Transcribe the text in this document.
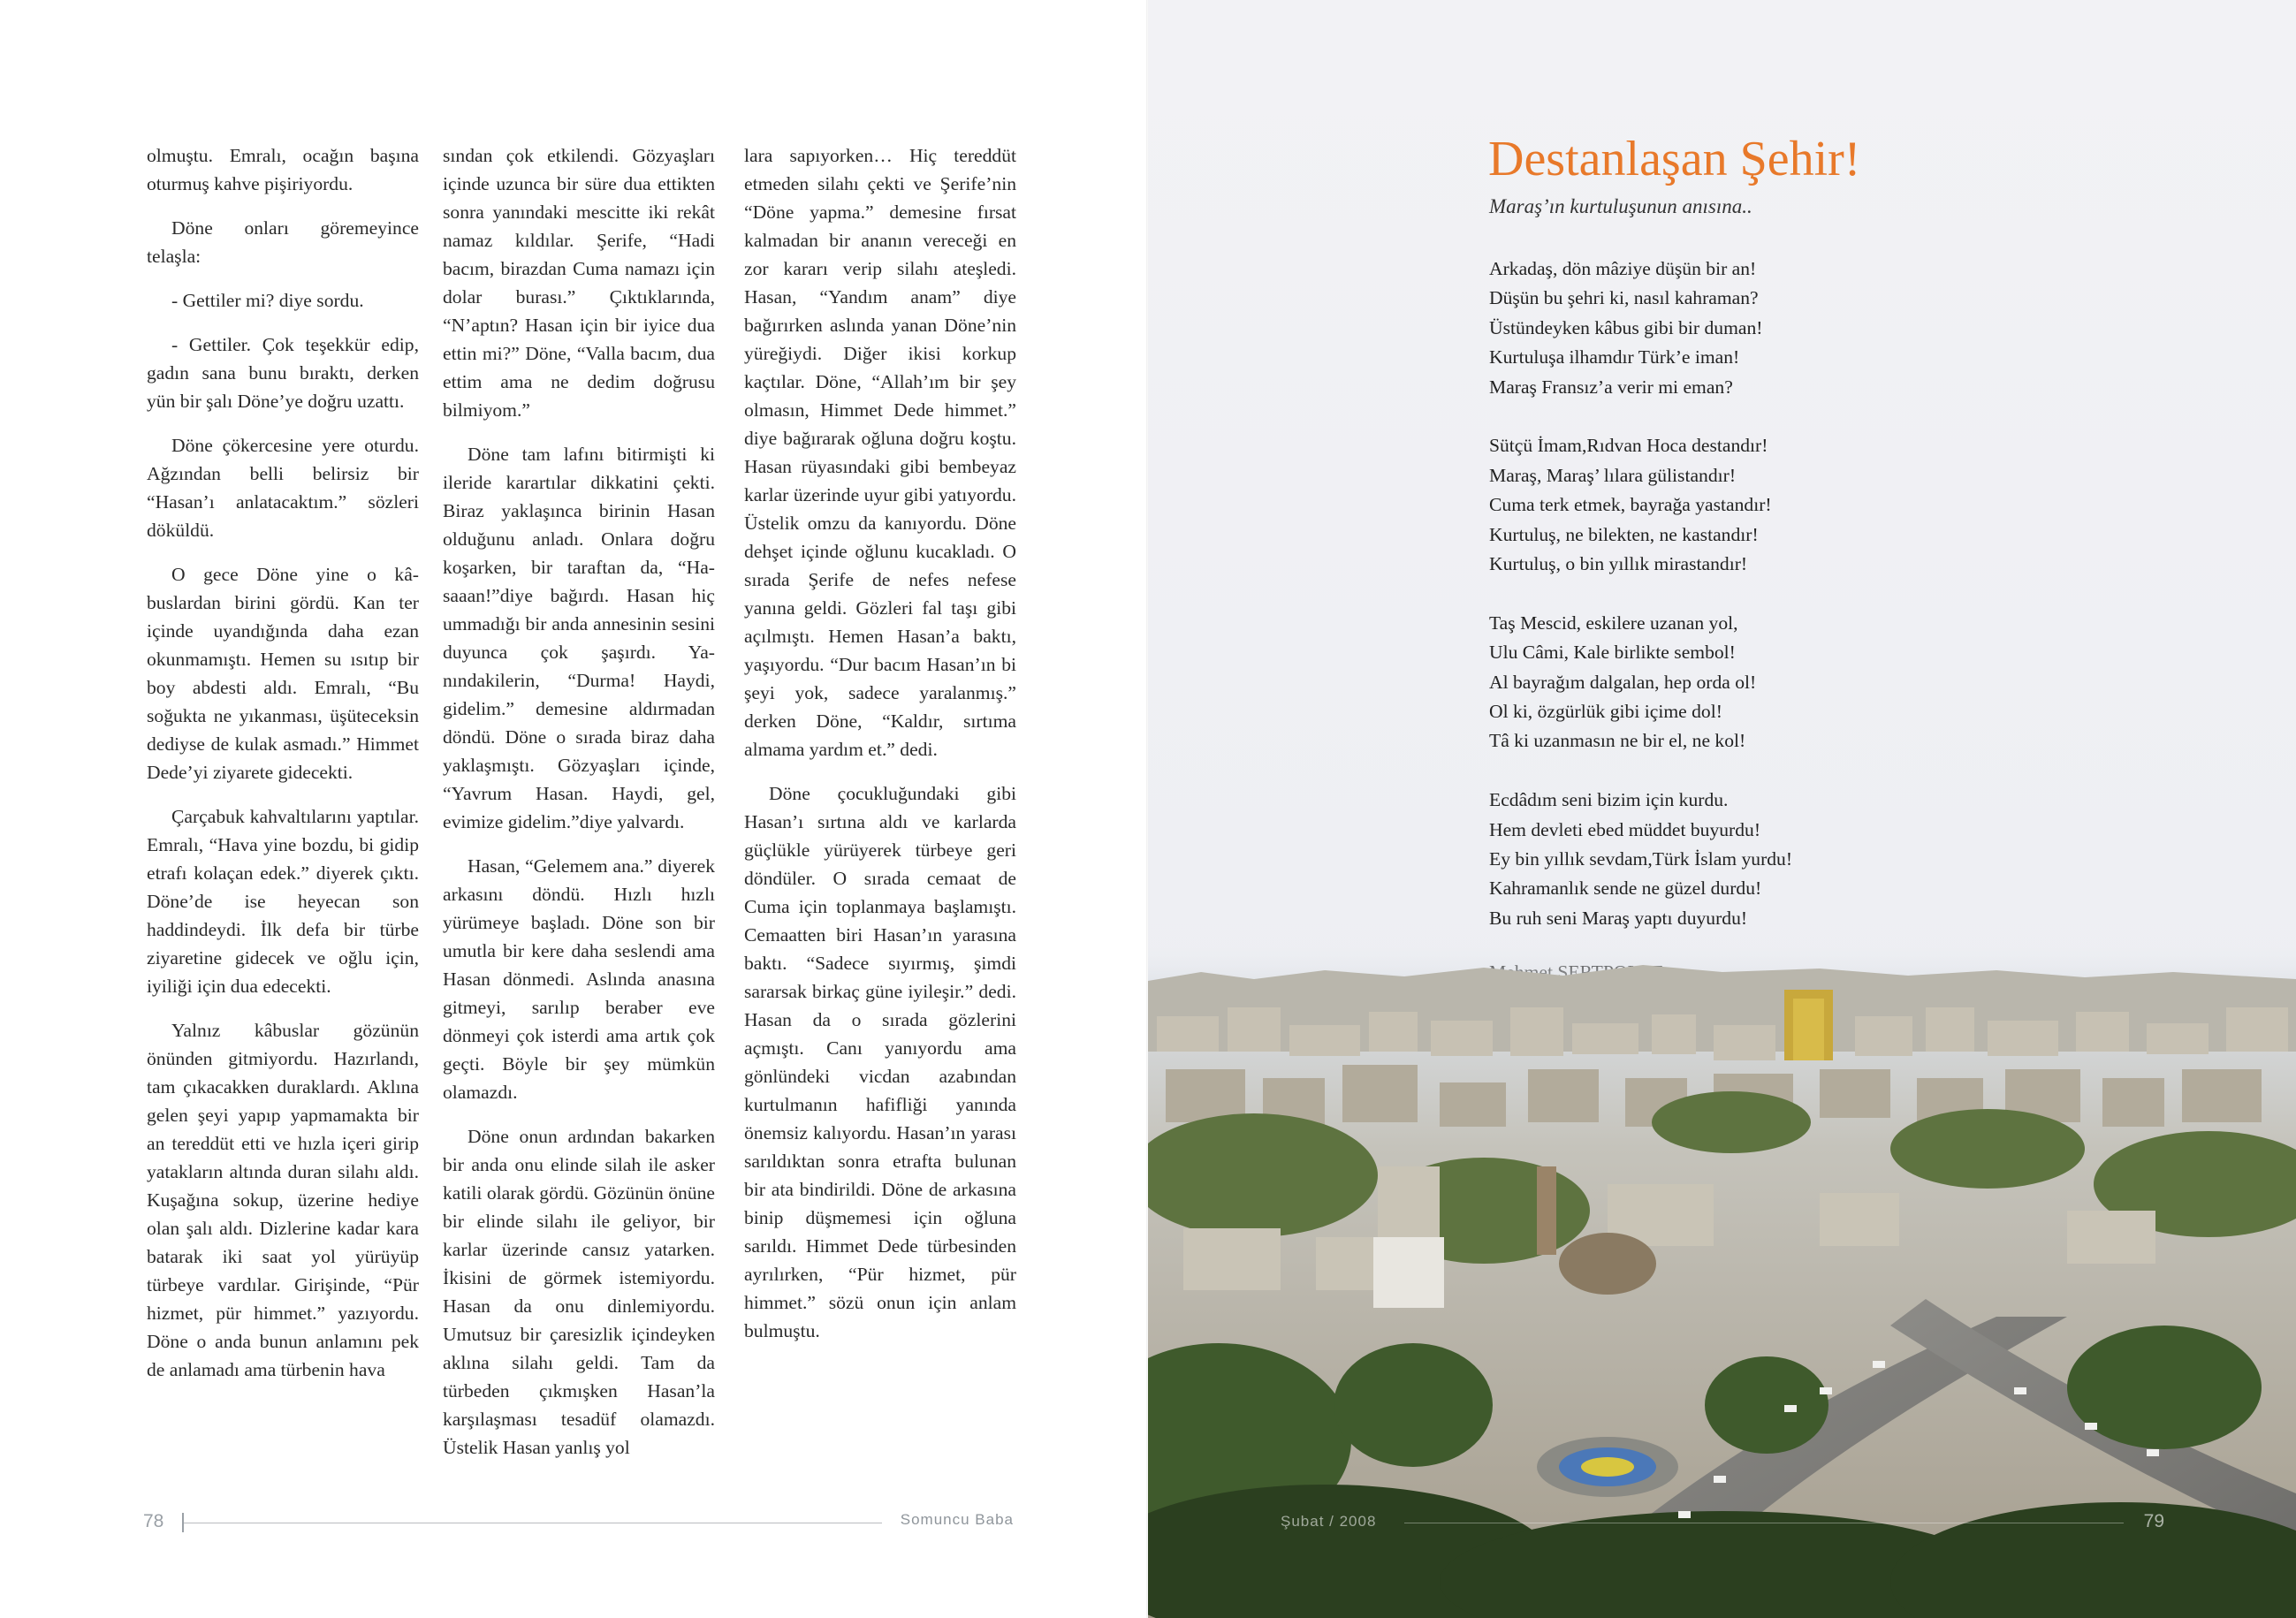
olmuştu. Emralı, ocağın başına oturmuş kahve pişiriyordu.

Döne onları göremeyince telaşla:

- Gettiler mi? diye sordu.

- Gettiler. Çok teşekkür edip, gadın sana bunu bıraktı, derken yün bir şalı Döne’ye doğru uzattı.

Döne çökercesine yere oturdu. Ağzından belli belirsiz bir “Hasan’ı anlatacaktım.” sözleri döküldü.

O gece Döne yine o kâbuslardan birini gördü. Kan ter içinde uyandığında daha ezan okunmamıştı. Hemen su ısıtıp bir boy abdesti aldı. Emralı, “Bu soğukta ne yıkanması, üşüteceksin dediyse de kulak asmadı.” Himmet Dede’yi ziyarete gidecekti.

Çarçabuk kahvaltılarını yaptılar. Emralı, “Hava yine bozdu, bi gidip etrafı kolaçan edek.” diyerek çıktı. Döne’de ise heyecan son haddindeydi. İlk defa bir türbe ziyaretine gidecek ve oğlu için, iyiliği için dua edecekti.

Yalnız kâbuslar gözünün önünden gitmiyordu. Hazırlandı, tam çıkacakken duraklardı. Aklına gelen şeyi yapıp yapmamakta bir an tereddüt etti ve hızla içeri girip yatakların altında duran silahı aldı. Kuşağına sokup, üzerine hediye olan şalı aldı. Dizlerine kadar kara batarak iki saat yol yürüyüp türbeye vardılar. Girişinde, “Pür hizmet, pür himmet.” yazıyordu. Döne o anda bunun anlamını pek de anlamadı ama türbenin hava

sından çok etkilendi. Gözyaşları içinde uzunca bir süre dua ettikten sonra yanındaki mescitte iki rekât namaz kıldılar. Şerife, “Hadi bacım, birazdan Cuma namazı için dolar burası.” Çıktıklarında, “N’aptın? Hasan için bir iyice dua ettin mi?” Döne, “Valla bacım, dua ettim ama ne dedim doğrusu bilmiyom.”

Döne tam lafını bitirmişti ki ileride karartılar dikkatini çekti. Biraz yaklaşınca birinin Hasan olduğunu anladı. Onlara doğru koşarken, bir taraftan da, “Hasaaan!”diye bağırdı. Hasan hiç ummadığı bir anda annesinin sesini duyunca çok şaşırdı. Yanındakilerin, “Durma! Haydi, gidelim.” demesine aldırmadan döndü. Döne o sırada biraz daha yaklaşmıştı. Gözyaşları içinde, “Yavrum Hasan. Haydi, gel, evimize gidelim.”diye yalvardı.

Hasan, “Gelemem ana.” diyerek arkasını döndü. Hızlı hızlı yürümeye başladı. Döne son bir umutla bir kere daha seslendi ama Hasan dönmedi. Aslında anasına gitmeyi, sarılıp beraber eve dönmeyi çok isterdi ama artık çok geçti. Böyle bir şey mümkün olamazdı.

Döne onun ardından bakarken bir anda onu elinde silah ile asker katili olarak gördü. Gözünün önüne bir elinde silahı ile geliyor, bir karlar üzerinde cansız yatarken. İkisini de görmek istemiyordu. Hasan da onu dinlemiyordu. Umutsuz bir çaresizlik içindeyken aklına silahı geldi. Tam da türbeden çıkmışken Hasan’la karşılaşması tesadüf olamazdı. Üstelik Hasan yanlış yol

lara sapıyorken… Hiç tereddüt etmeden silahı çekti ve Şerife’nin “Döne yapma.” demesine fırsat kalmadan bir ananın vereceği en zor kararı verip silahı ateşledi. Hasan, “Yandım anam” diye bağırırken aslında yanan Döne’nin yüreğiydi. Diğer ikisi korkup kaçtılar. Döne, “Allah’ım bir şey olmasın, Himmet Dede himmet.” diye bağırarak oğluna doğru koştu. Hasan rüyasındaki gibi bembeyaz karlar üzerinde uyur gibi yatıyordu. Üstelik omzu da kanıyordu. Döne dehşet içinde oğlunu kucakladı. O sırada Şerife de nefes nefese yanına geldi. Gözleri fal taşı gibi açılmıştı. Hemen Hasan’a baktı, yaşıyordu. “Dur bacım Hasan’ın bi şeyi yok, sadece yaralanmış.” derken Döne, “Kaldır, sırtıma almama yardım et.” dedi.

Döne çocukluğundaki gibi Hasan’ı sırtına aldı ve karlarda güçlükle yürüyerek türbeye geri döndüler. O sırada cemaat de Cuma için toplanmaya başlamıştı. Cemaatten biri Hasan’ın yarasına baktı. “Sadece sıyırmış, şimdi sararsak birkaç güne iyileşir.” dedi. Hasan da o sırada gözlerini açmıştı. Canı yanıyordu ama gönlündeki vicdan azabından kurtulmanın hafifliği yanında önemsiz kalıyordu. Hasan’ın yarası sarıldıktan sonra etrafta bulunan bir ata bindirildi. Döne de arkasına binip düşmemesi için oğluna sarıldı. Himmet Dede türbesinden ayrılırken, “Pür hizmet, pür himmet.” sözü onun için anlam bulmuştu.

78	Somuncu Baba
Destanlaşan Şehir!
Maraş’ın kurtuluşunun anısına..
Arkadaş, dön mâziye düşün bir an!
Düşün bu şehri ki, nasıl kahraman?
Üstündeyken kâbus gibi bir duman!
Kurtuluşa ilhamdır Türk’e iman!
Maraş Fransız’a verir mi eman?
Sütçü İmam,Rıdvan Hoca destandır!
Maraş, Maraş’ lılara gülistandır!
Cuma terk etmek, bayrağa yastandır!
Kurtuluş, ne bilekten, ne kastandır!
Kurtuluş, o bin yıllık mirastandır!
Taş Mescid, eskilere uzanan yol,
Ulu Câmi, Kale birlikte sembol!
Al bayrağım dalgalan, hep orda ol!
Ol ki, özgürlük gibi içime dol!
Tâ ki uzanmasın ne bir el, ne kol!
Ecdâdım seni bizim için kurdu.
Hem devleti ebed müddet buyurdu!
Ey bin yıllık sevdam,Türk İslam yurdu!
Kahramanlık sende ne güzel durdu!
Bu ruh seni Maraş yaptı duyurdu!
Şubat / 2008	79
